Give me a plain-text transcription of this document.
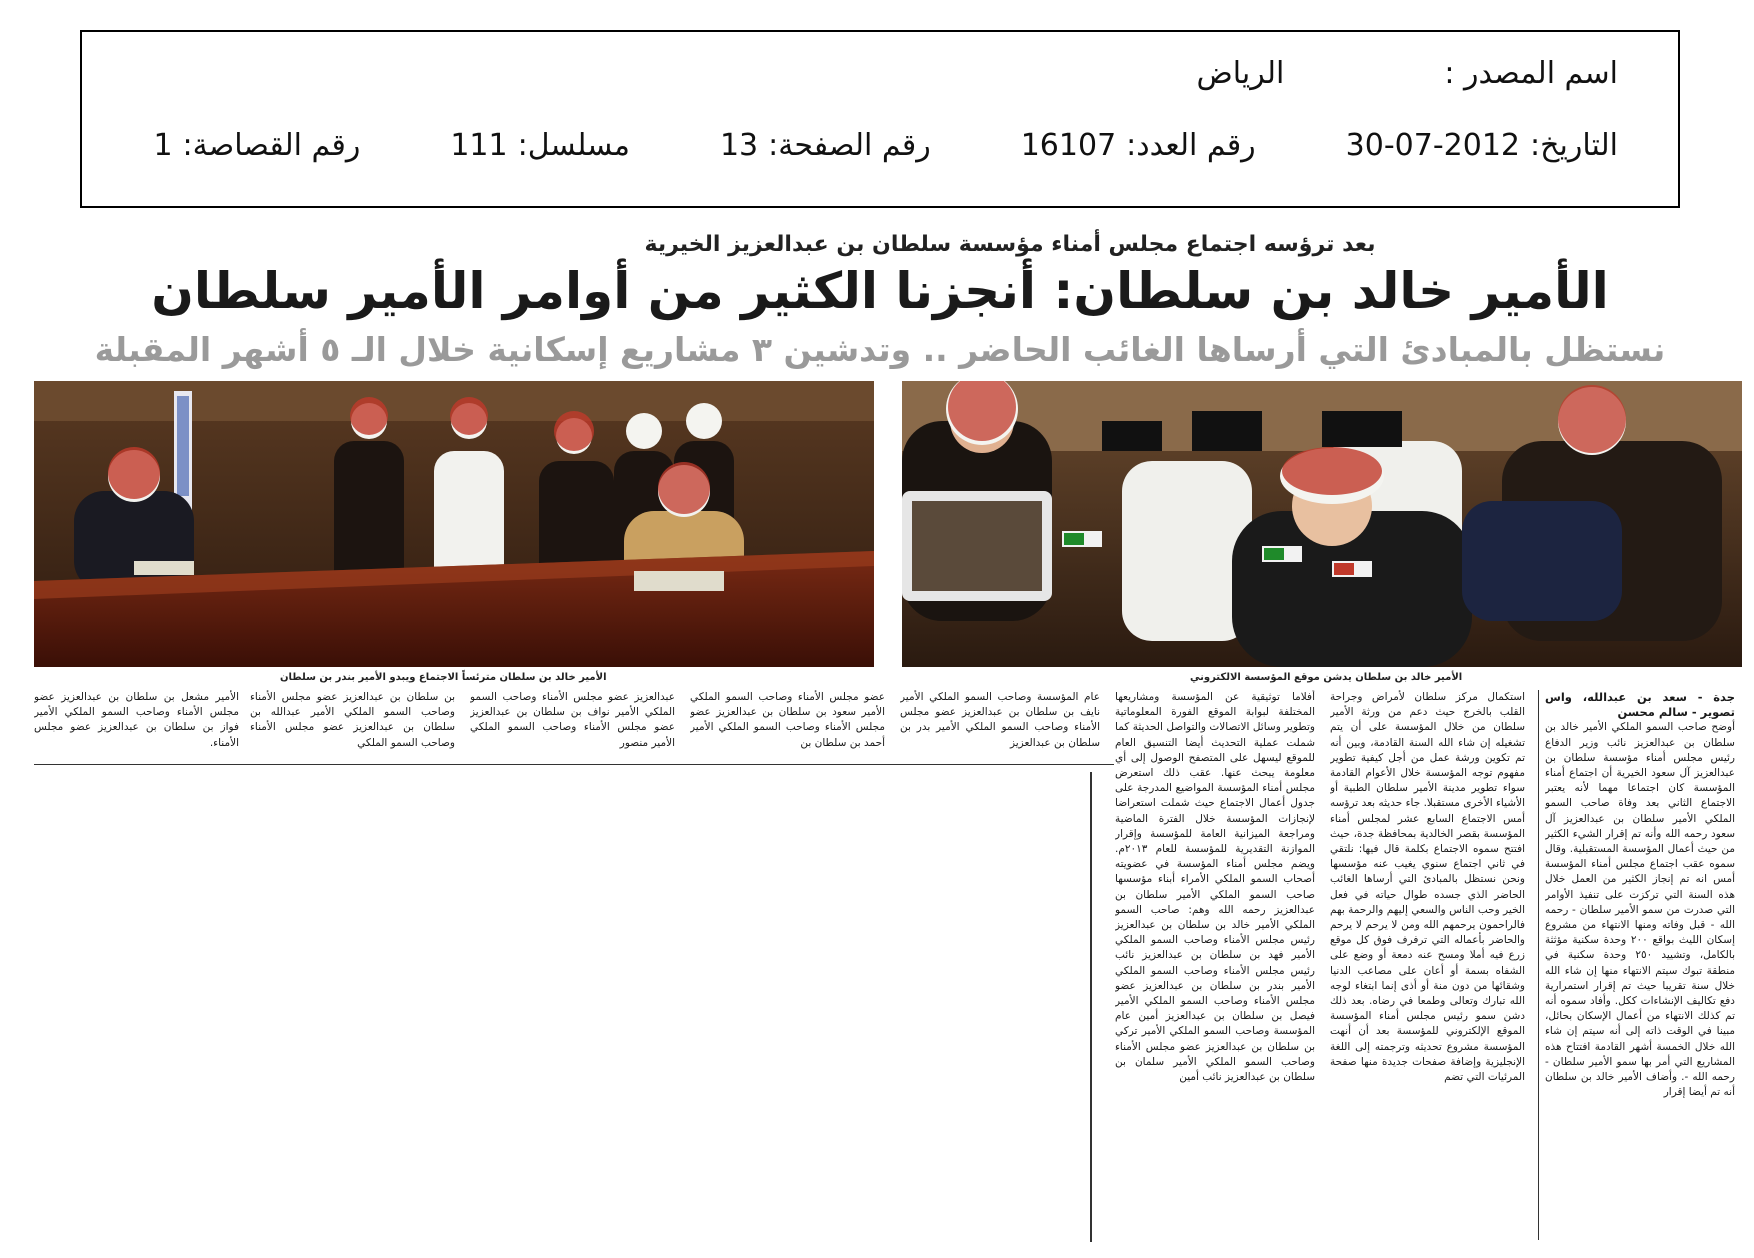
اسم المصدر :
الرياض
التاريخ:
30-07-2012
رقم العدد:
16107
رقم الصفحة:
13
مسلسل:
111
رقم القصاصة:
1
بعد ترؤسه اجتماع مجلس أمناء مؤسسة سلطان بن عبدالعزيز الخيرية
الأمير خالد بن سلطان: أنجزنا الكثير من أوامر الأمير سلطان
نستظل بالمبادئ التي أرساها الغائب الحاضر .. وتدشين ٣ مشاريع إسكانية خلال الـ ٥ أشهر المقبلة
الأمير خالد بن سلطان مترئساً الاجتماع ويبدو الأمير بندر بن سلطان	الأمير خالد بن سلطان يدشن موقع المؤسسة الالكتروني

جدة - سعد بن عبدالله، واس تصوير - سالم محسن

أوضح صاحب السمو الملكي الأمير خالد بن سلطان بن عبدالعزيز نائب وزير الدفاع رئيس مجلس أمناء مؤسسة سلطان بن عبدالعزيز آل سعود الخيرية أن اجتماع أمناء المؤسسة كان اجتماعا مهما لأنه يعتبر الاجتماع الثاني بعد وفاة صاحب السمو الملكي الأمير سلطان بن عبدالعزيز آل سعود رحمه الله وأنه تم إقرار الشيء الكثير من حيث أعمال المؤسسة المستقبلية. وقال سموه عقب اجتماع مجلس أمناء المؤسسة أمس انه تم إنجاز الكثير من العمل خلال هذه السنة التي تركزت على تنفيذ الأوامر التي صدرت من سمو الأمير سلطان - رحمه الله - قبل وفاته ومنها الانتهاء من مشروع إسكان الليث بواقع ٢٠٠ وحدة سكنية مؤثثة بالكامل، وتشييد ٢٥٠ وحدة سكنية في منطقة تبوك سيتم الانتهاء منها إن شاء الله خلال سنة تقريبا حيث تم إقرار استمرارية دفع تكاليف الإنشاءات ككل. وأفاد سموه أنه تم كذلك الانتهاء من أعمال الإسكان بحائل، مبينا في الوقت ذاته إلى أنه سيتم إن شاء الله خلال الخمسة أشهر القادمة افتتاح هذه المشاريع التي أمر بها سمو الأمير سلطان - رحمه الله -. وأضاف الأمير خالد بن سلطان أنه تم أيضا إقرار

استكمال مركز سلطان لأمراض وجراحة القلب بالخرج حيث دعم من ورثة الأمير سلطان من خلال المؤسسة على أن يتم تشغيله إن شاء الله السنة القادمة، وبين أنه تم تكوين ورشة عمل من أجل كيفية تطوير مفهوم توجه المؤسسة خلال الأعوام القادمة سواء تطوير مدينة الأمير سلطان الطبية أو الأشياء الأخرى مستقبلا. جاء حديثه بعد ترؤسه أمس الاجتماع السابع عشر لمجلس أمناء المؤسسة بقصر الخالدية بمحافظة جدة، حيث افتتح سموه الاجتماع بكلمة قال فيها: نلتقي في ثاني اجتماع سنوي يغيب عنه مؤسسها ونحن نستظل بالمبادئ التي أرساها الغائب الحاضر الذي جسده طوال حياته في فعل الخير وحب الناس والسعي إليهم والرحمة بهم فالراحمون يرحمهم الله ومن لا يرحم لا يرحم والحاضر بأعماله التي ترفرف فوق كل موقع زرع فيه أملا ومسح عنه دمعة أو وضع على الشفاه بسمة أو أعان على مصاعب الدنيا وشقائها من دون منة أو أذى إنما ابتغاء لوجه الله تبارك وتعالى وطمعا في رضاه. بعد ذلك دشن سمو رئيس مجلس أمناء المؤسسة الموقع الإلكتروني للمؤسسة بعد أن أنهت المؤسسة مشروع تحديثه وترجمته إلى اللغة الإنجليزية وإضافة صفحات جديدة منها صفحة المرئيات التي تضم

أفلاما توثيقية عن المؤسسة ومشاريعها المختلفة لبوابة الموقع الفورة المعلوماتية وتطوير وسائل الاتصالات والتواصل الحديثة كما شملت عملية التحديث أيضا التنسيق العام للموقع ليسهل على المتصفح الوصول إلى أي معلومة يبحث عنها. عقب ذلك استعرض مجلس أمناء المؤسسة المواضيع المدرجة على جدول أعمال الاجتماع حيث شملت استعراضا لإنجازات المؤسسة خلال الفترة الماضية ومراجعة الميزانية العامة للمؤسسة وإقرار الموازنة التقديرية للمؤسسة للعام ٢٠١٣م. ويضم مجلس أمناء المؤسسة في عضويته أصحاب السمو الملكي الأمراء أبناء مؤسسها صاحب السمو الملكي الأمير سلطان بن عبدالعزيز رحمه الله وهم: صاحب السمو الملكي الأمير خالد بن سلطان بن عبدالعزيز رئيس مجلس الأمناء وصاحب السمو الملكي الأمير فهد بن سلطان بن عبدالعزيز نائب رئيس مجلس الأمناء وصاحب السمو الملكي الأمير بندر بن سلطان بن عبدالعزيز عضو مجلس الأمناء وصاحب السمو الملكي الأمير فيصل بن سلطان بن عبدالعزيز أمين عام المؤسسة وصاحب السمو الملكي الأمير تركي بن سلطان بن عبدالعزيز عضو مجلس الأمناء وصاحب السمو الملكي الأمير سلمان بن سلطان بن عبدالعزيز نائب أمين

عام المؤسسة وصاحب السمو الملكي الأمير نايف بن سلطان بن عبدالعزيز عضو مجلس الأمناء وصاحب السمو الملكي الأمير بدر بن سلطان بن عبدالعزيز

عضو مجلس الأمناء وصاحب السمو الملكي الأمير سعود بن سلطان بن عبدالعزيز عضو مجلس الأمناء وصاحب السمو الملكي الأمير أحمد بن سلطان بن

عبدالعزيز عضو مجلس الأمناء وصاحب السمو الملكي الأمير نواف بن سلطان بن عبدالعزيز عضو مجلس الأمناء وصاحب السمو الملكي الأمير منصور

بن سلطان بن عبدالعزيز عضو مجلس الأمناء وصاحب السمو الملكي الأمير عبدالله بن سلطان بن عبدالعزيز عضو مجلس الأمناء وصاحب السمو الملكي

الأمير مشعل بن سلطان بن عبدالعزيز عضو مجلس الأمناء وصاحب السمو الملكي الأمير فواز بن سلطان بن عبدالعزيز عضو مجلس الأمناء.
